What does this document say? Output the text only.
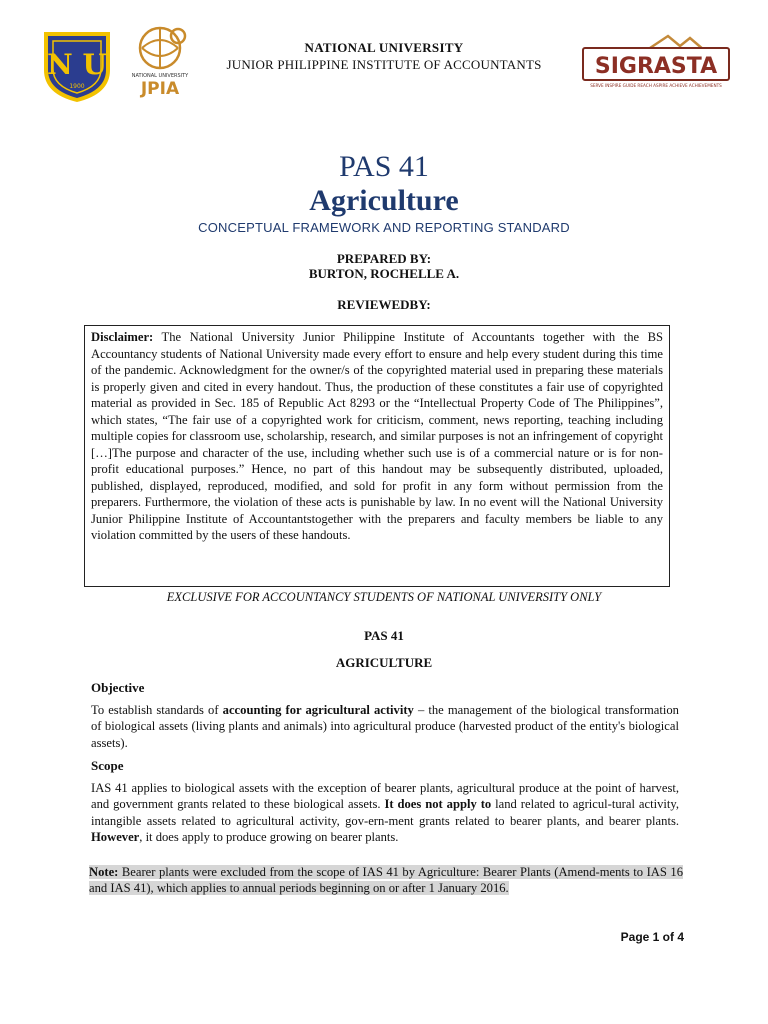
N U
1900
NATIONAL UNIVERSITY
JPIA
SIGRASTA
SERVE INSPIRE GUIDE REACH ASPIRE ACHIEVE ACHIEVEMENTS
NATIONAL UNIVERSITY
JUNIOR PHILIPPINE INSTITUTE OF ACCOUNTANTS
PAS 41
Agriculture
CONCEPTUAL FRAMEWORK AND REPORTING STANDARD
PREPARED BY:
BURTON, ROCHELLE A.
REVIEWEDBY:
Disclaimer: The National University Junior Philippine Institute of Accountants together with the BS Accountancy students of National University made every effort to ensure and help every student during this time of the pandemic. Acknowledgment for the owner/s of the copyrighted material used in preparing these materials is properly given and cited in every handout. Thus, the production of these constitutes a fair use of copyrighted material as provided in Sec. 185 of Republic Act 8293 or the “Intellectual Property Code of The Philippines”, which states, “The fair use of a copyrighted work for criticism, comment, news reporting, teaching including multiple copies for classroom use, scholarship, research, and similar purposes is not an infringement of copyright […]The purpose and character of the use, including whether such use is of a commercial nature or is for non-profit educational purposes.” Hence, no part of this handout may be subsequently distributed, uploaded, published, displayed, reproduced, modified, and sold for profit in any form without permission from the preparers. Furthermore, the violation of these acts is punishable by law. In no event will the National University Junior Philippine Institute of Accountantstogether with the preparers and faculty members be liable to any violation committed by the users of these handouts.
EXCLUSIVE FOR ACCOUNTANCY STUDENTS OF NATIONAL UNIVERSITY ONLY
PAS 41
AGRICULTURE
Objective
To establish standards of accounting for agricultural activity – the management of the biological transformation of biological assets (living plants and animals) into agricultural produce (harvested product of the entity's biological assets).
Scope
IAS 41 applies to biological assets with the exception of bearer plants, agricultural produce at the point of harvest, and government grants related to these biological assets. It does not apply to land related to agricul-tural activity, intangible assets related to agricultural activity, gov-ern-ment grants related to bearer plants, and bearer plants. However, it does apply to produce growing on bearer plants.
Note: Bearer plants were excluded from the scope of IAS 41 by Agriculture: Bearer Plants (Amend-ments to IAS 16 and IAS 41), which applies to annual periods beginning on or after 1 January 2016.
Page 1 of 4
